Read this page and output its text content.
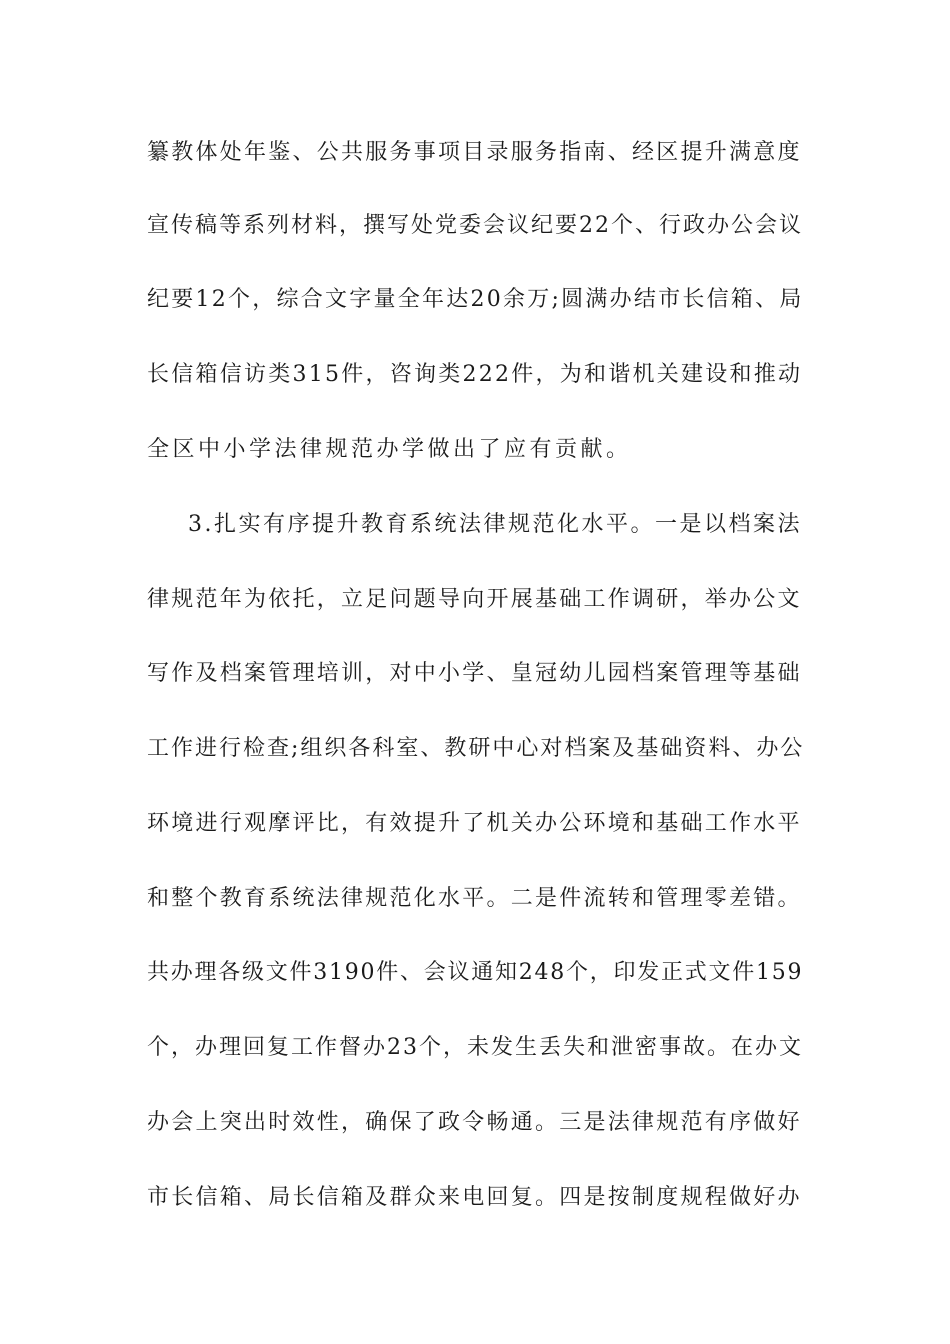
纂教体处年鉴、公共服务事项目录服务指南、经区提升满意度
宣传稿等系列材料，撰写处党委会议纪要22个、行政办公会议
纪要12个，综合文字量全年达20余万;圆满办结市长信箱、局
长信箱信访类315件，咨询类222件，为和谐机关建设和推动
全区中小学法律规范办学做出了应有贡献。
3.扎实有序提升教育系统法律规范化水平。一是以档案法
律规范年为依托，立足问题导向开展基础工作调研，举办公文
写作及档案管理培训，对中小学、皇冠幼儿园档案管理等基础
工作进行检查;组织各科室、教研中心对档案及基础资料、办公
环境进行观摩评比，有效提升了机关办公环境和基础工作水平
和整个教育系统法律规范化水平。二是件流转和管理零差错。
共办理各级文件3190件、会议通知248个，印发正式文件159
个，办理回复工作督办23个，未发生丢失和泄密事故。在办文
办会上突出时效性，确保了政令畅通。三是法律规范有序做好
市长信箱、局长信箱及群众来电回复。四是按制度规程做好办
